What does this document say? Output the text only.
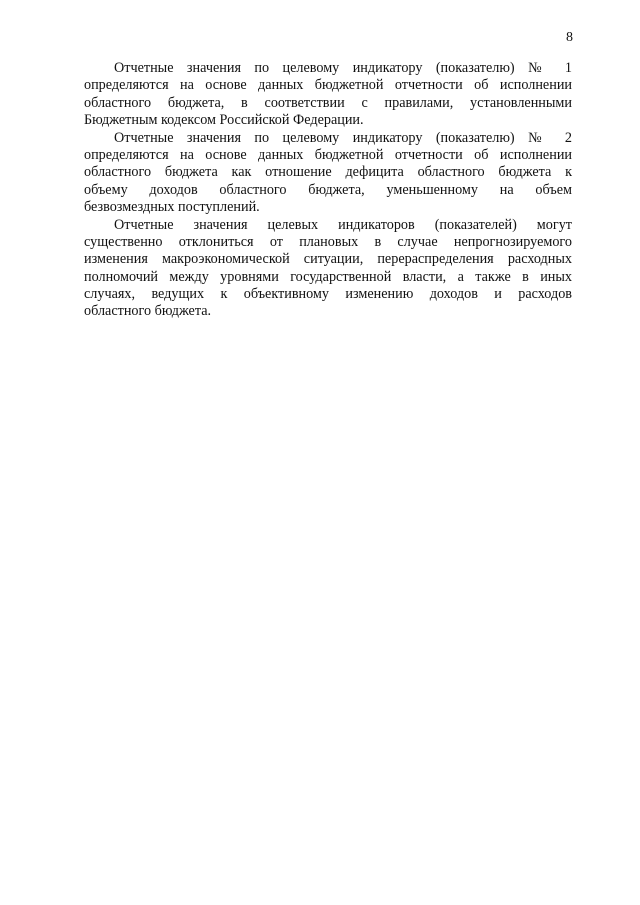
8
Отчетные значения по целевому индикатору (показателю) № 1
определяются на основе данных бюджетной отчетности об исполнении
областного бюджета, в соответствии с правилами, установленными
Бюджетным кодексом Российской Федерации.
Отчетные значения по целевому индикатору (показателю) № 2
определяются на основе данных бюджетной отчетности об исполнении
областного бюджета как отношение дефицита областного бюджета к
объему доходов областного бюджета, уменьшенному на объем
безвозмездных поступлений.
Отчетные значения целевых индикаторов (показателей) могут
существенно отклониться от плановых в случае непрогнозируемого
изменения макроэкономической ситуации, перераспределения расходных
полномочий между уровнями государственной власти, а также в иных
случаях, ведущих к объективному изменению доходов и расходов
областного бюджета.
